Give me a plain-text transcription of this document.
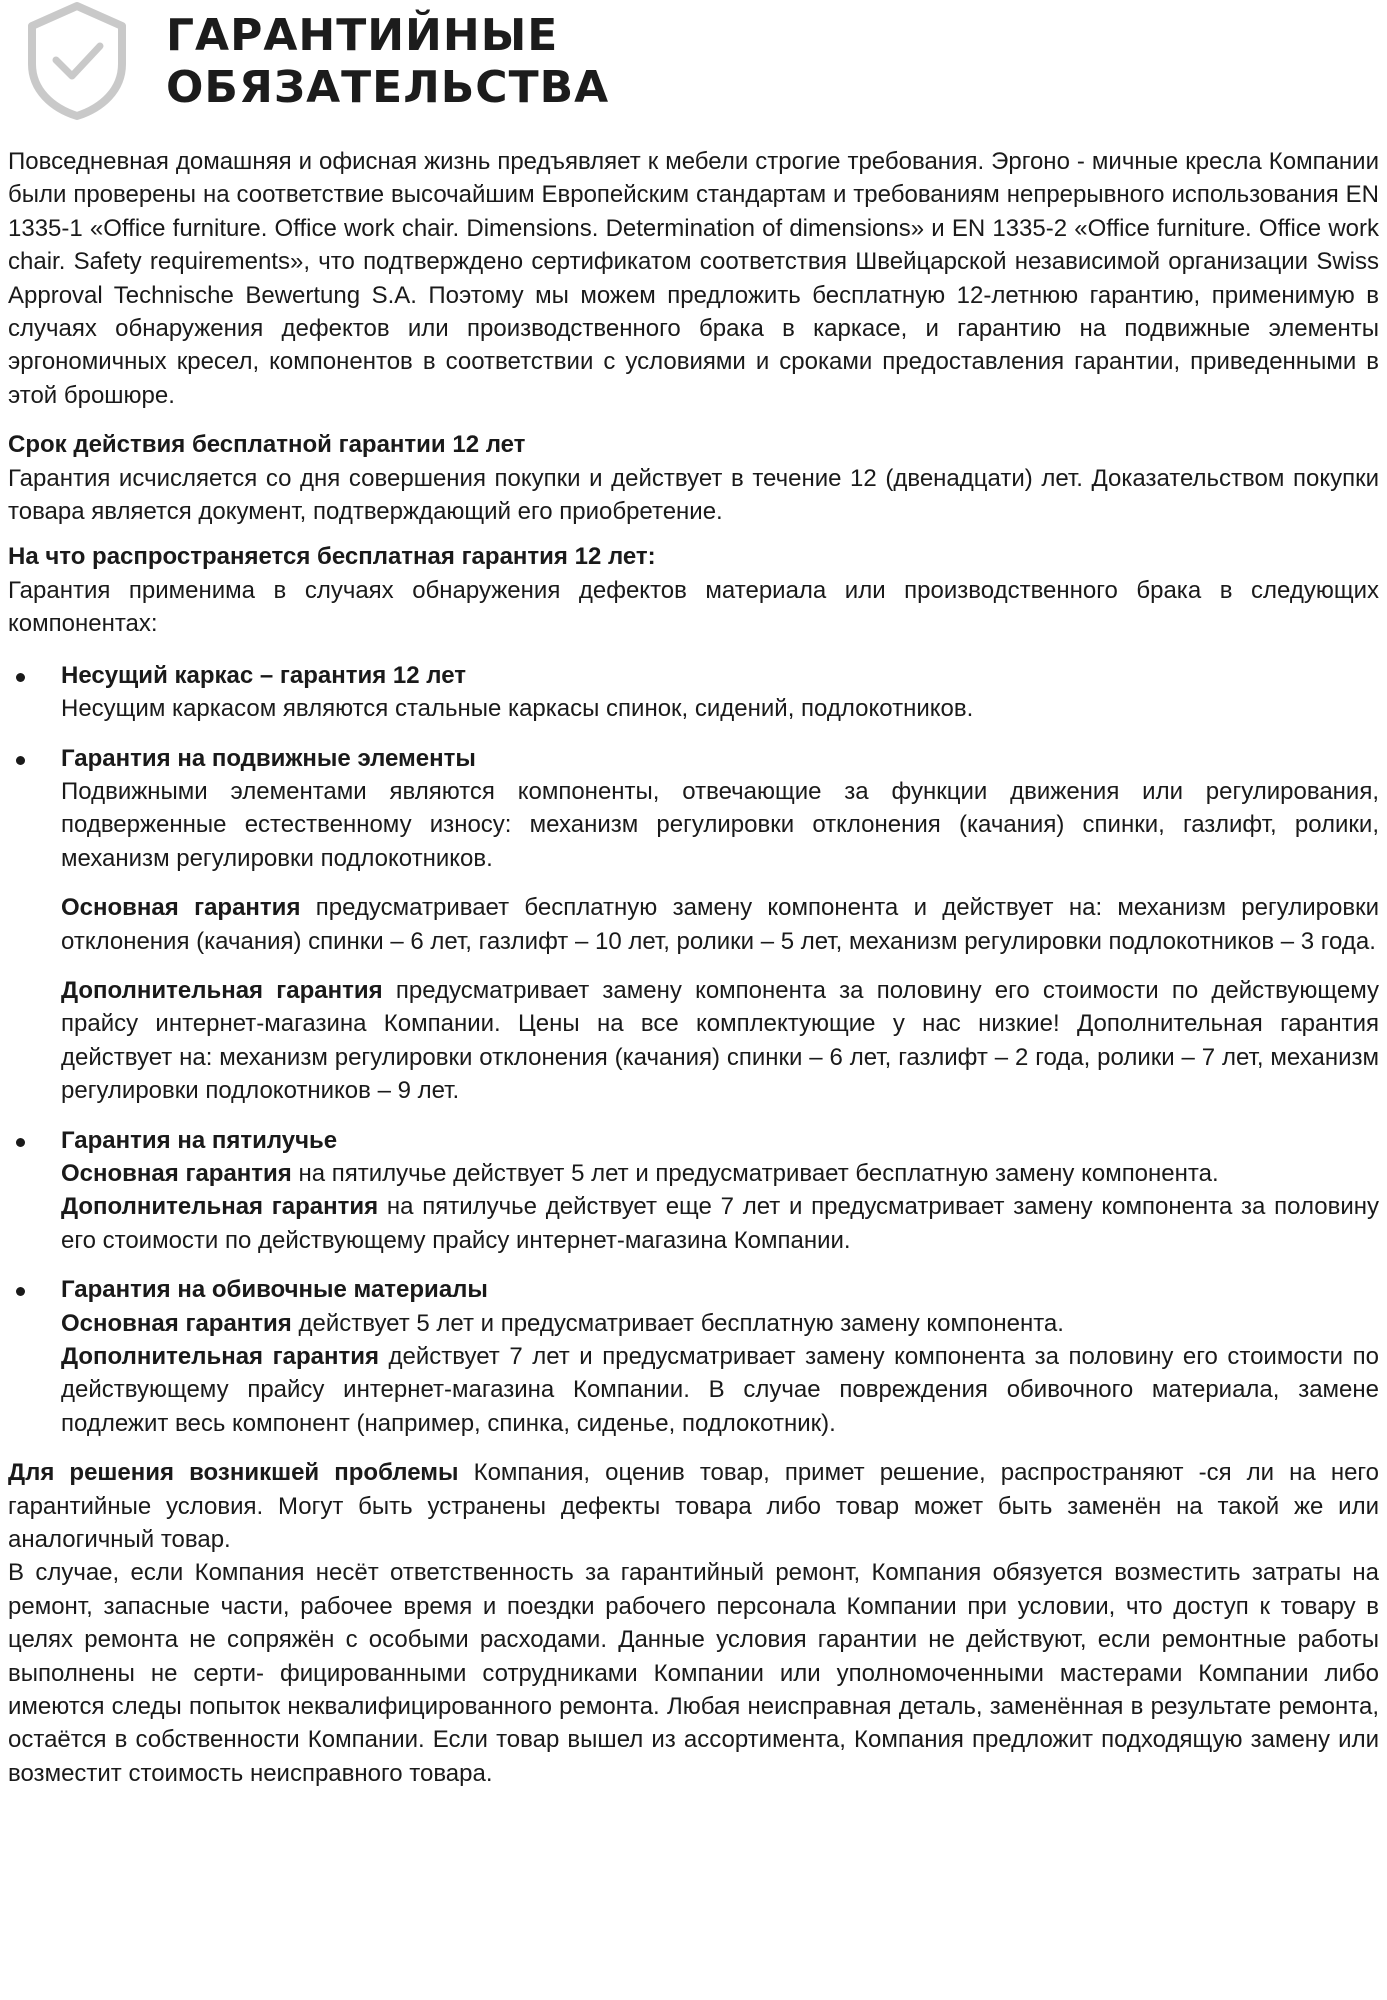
ГАРАНТИЙНЫЕ
ОБЯЗАТЕЛЬСТВА

Повседневная домашняя и офисная жизнь предъявляет к мебели строгие требования. Эргоно - мичные кресла Компании были проверены на соответствие высочайшим Европейским стандартам и требованиям непрерывного использования EN 1335-1 «Office furniture. Office work chair. Dimensions. Determination of dimensions» и EN 1335-2 «Office furniture. Office work chair. Safety requirements», что подтверждено сертификатом соответствия Швейцарской независимой организации Swiss Approval Technische Bewertung S.A. Поэтому мы можем предложить бесплатную 12-летнюю гарантию, применимую в случаях обнаружения дефектов или производственного брака в каркасе, и гарантию на подвижные элементы эргономичных кресел, компонентов в соответствии с условиями и сроками предоставления гарантии, приведенными в этой брошюре.

Срок действия бесплатной гарантии 12 лет

Гарантия исчисляется со дня совершения покупки и действует в течение 12 (двенадцати) лет. Доказательством покупки товара является документ, подтверждающий его приобретение.

На что распространяется бесплатная гарантия 12 лет:

Гарантия применима в случаях обнаружения дефектов материала или производственного брака в следующих компонентах:

Несущий каркас – гарантия 12 лет

Несущим каркасом являются стальные каркасы спинок, сидений, подлокотников.

Гарантия на подвижные элементы

Подвижными элементами являются компоненты, отвечающие за функции движения или регулирования, подверженные естественному износу: механизм регулировки отклонения (качания) спинки, газлифт, ролики, механизм регулировки подлокотников.

Основная гарантия предусматривает бесплатную замену компонента и действует на: механизм регулировки отклонения (качания) спинки – 6 лет, газлифт – 10 лет, ролики – 5 лет, механизм регулировки подлокотников – 3 года.

Дополнительная гарантия предусматривает замену компонента за половину его стоимости по действующему прайсу интернет-магазина Компании. Цены на все комплектующие у нас низкие! Дополнительная гарантия действует на: механизм регулировки отклонения (качания) спинки – 6 лет, газлифт – 2 года, ролики – 7 лет, механизм регулировки подлокотников – 9 лет.

Гарантия на пятилучье

Основная гарантия на пятилучье действует 5 лет и предусматривает бесплатную замену компонента.

Дополнительная гарантия на пятилучье действует еще 7 лет и предусматривает замену компонента за половину его стоимости по действующему прайсу интернет-магазина Компании.

Гарантия на обивочные материалы

Основная гарантия действует 5 лет и предусматривает бесплатную замену компонента.

Дополнительная гарантия действует 7 лет и предусматривает замену компонента за половину его стоимости по действующему прайсу интернет-магазина Компании. В случае повреждения обивочного материала, замене подлежит весь компонент (например, спинка, сиденье, подлокотник).

Для решения возникшей проблемы Компания, оценив товар, примет решение, распространяют -ся ли на него гарантийные условия. Могут быть устранены дефекты товара либо товар может быть заменён на такой же или аналогичный товар.

В случае, если Компания несёт ответственность за гарантийный ремонт, Компания обязуется возместить затраты на ремонт, запасные части, рабочее время и поездки рабочего персонала Компании при условии, что доступ к товару в целях ремонта не сопряжён с особыми расходами. Данные условия гарантии не действуют, если ремонтные работы выполнены не серти- фицированными сотрудниками Компании или уполномоченными мастерами Компании либо имеются следы попыток неквалифицированного ремонта. Любая неисправная деталь, заменённая в результате ремонта, остаётся в собственности Компании. Если товар вышел из ассортимента, Компания предложит подходящую замену или возместит стоимость неисправного товара.
